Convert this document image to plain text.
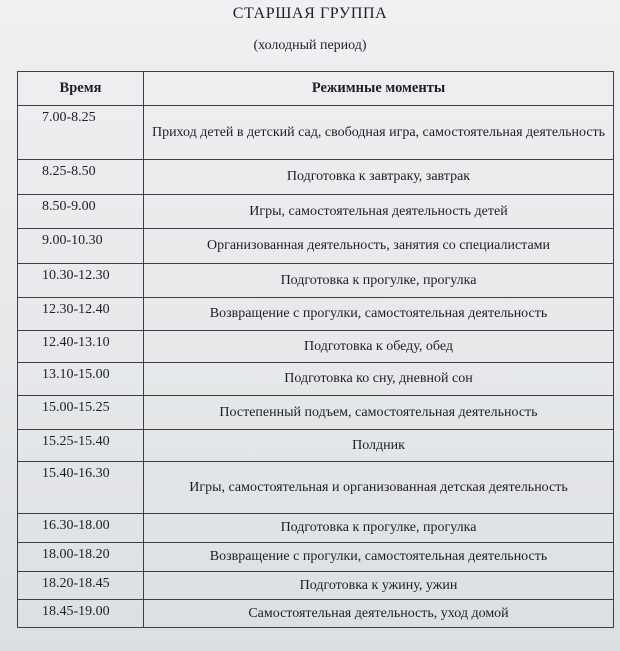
СТАРШАЯ ГРУППА
(холодный период)
Время	Режимные моменты
7.00-8.25	Приход детей в детский сад, свободная игра, самостоятельная деятельность
8.25-8.50	Подготовка к завтраку, завтрак
8.50-9.00	Игры, самостоятельная деятельность детей
9.00-10.30	Организованная деятельность, занятия со специалистами
10.30-12.30	Подготовка к прогулке, прогулка
12.30-12.40	Возвращение с прогулки, самостоятельная деятельность
12.40-13.10	Подготовка к обеду, обед
13.10-15.00	Подготовка ко сну, дневной сон
15.00-15.25	Постепенный подъем, самостоятельная деятельность
15.25-15.40	Полдник
15.40-16.30	Игры, самостоятельная и организованная детская деятельность
16.30-18.00	Подготовка к прогулке, прогулка
18.00-18.20	Возвращение с прогулки, самостоятельная деятельность
18.20-18.45	Подготовка к ужину, ужин
18.45-19.00	Самостоятельная деятельность, уход домой
